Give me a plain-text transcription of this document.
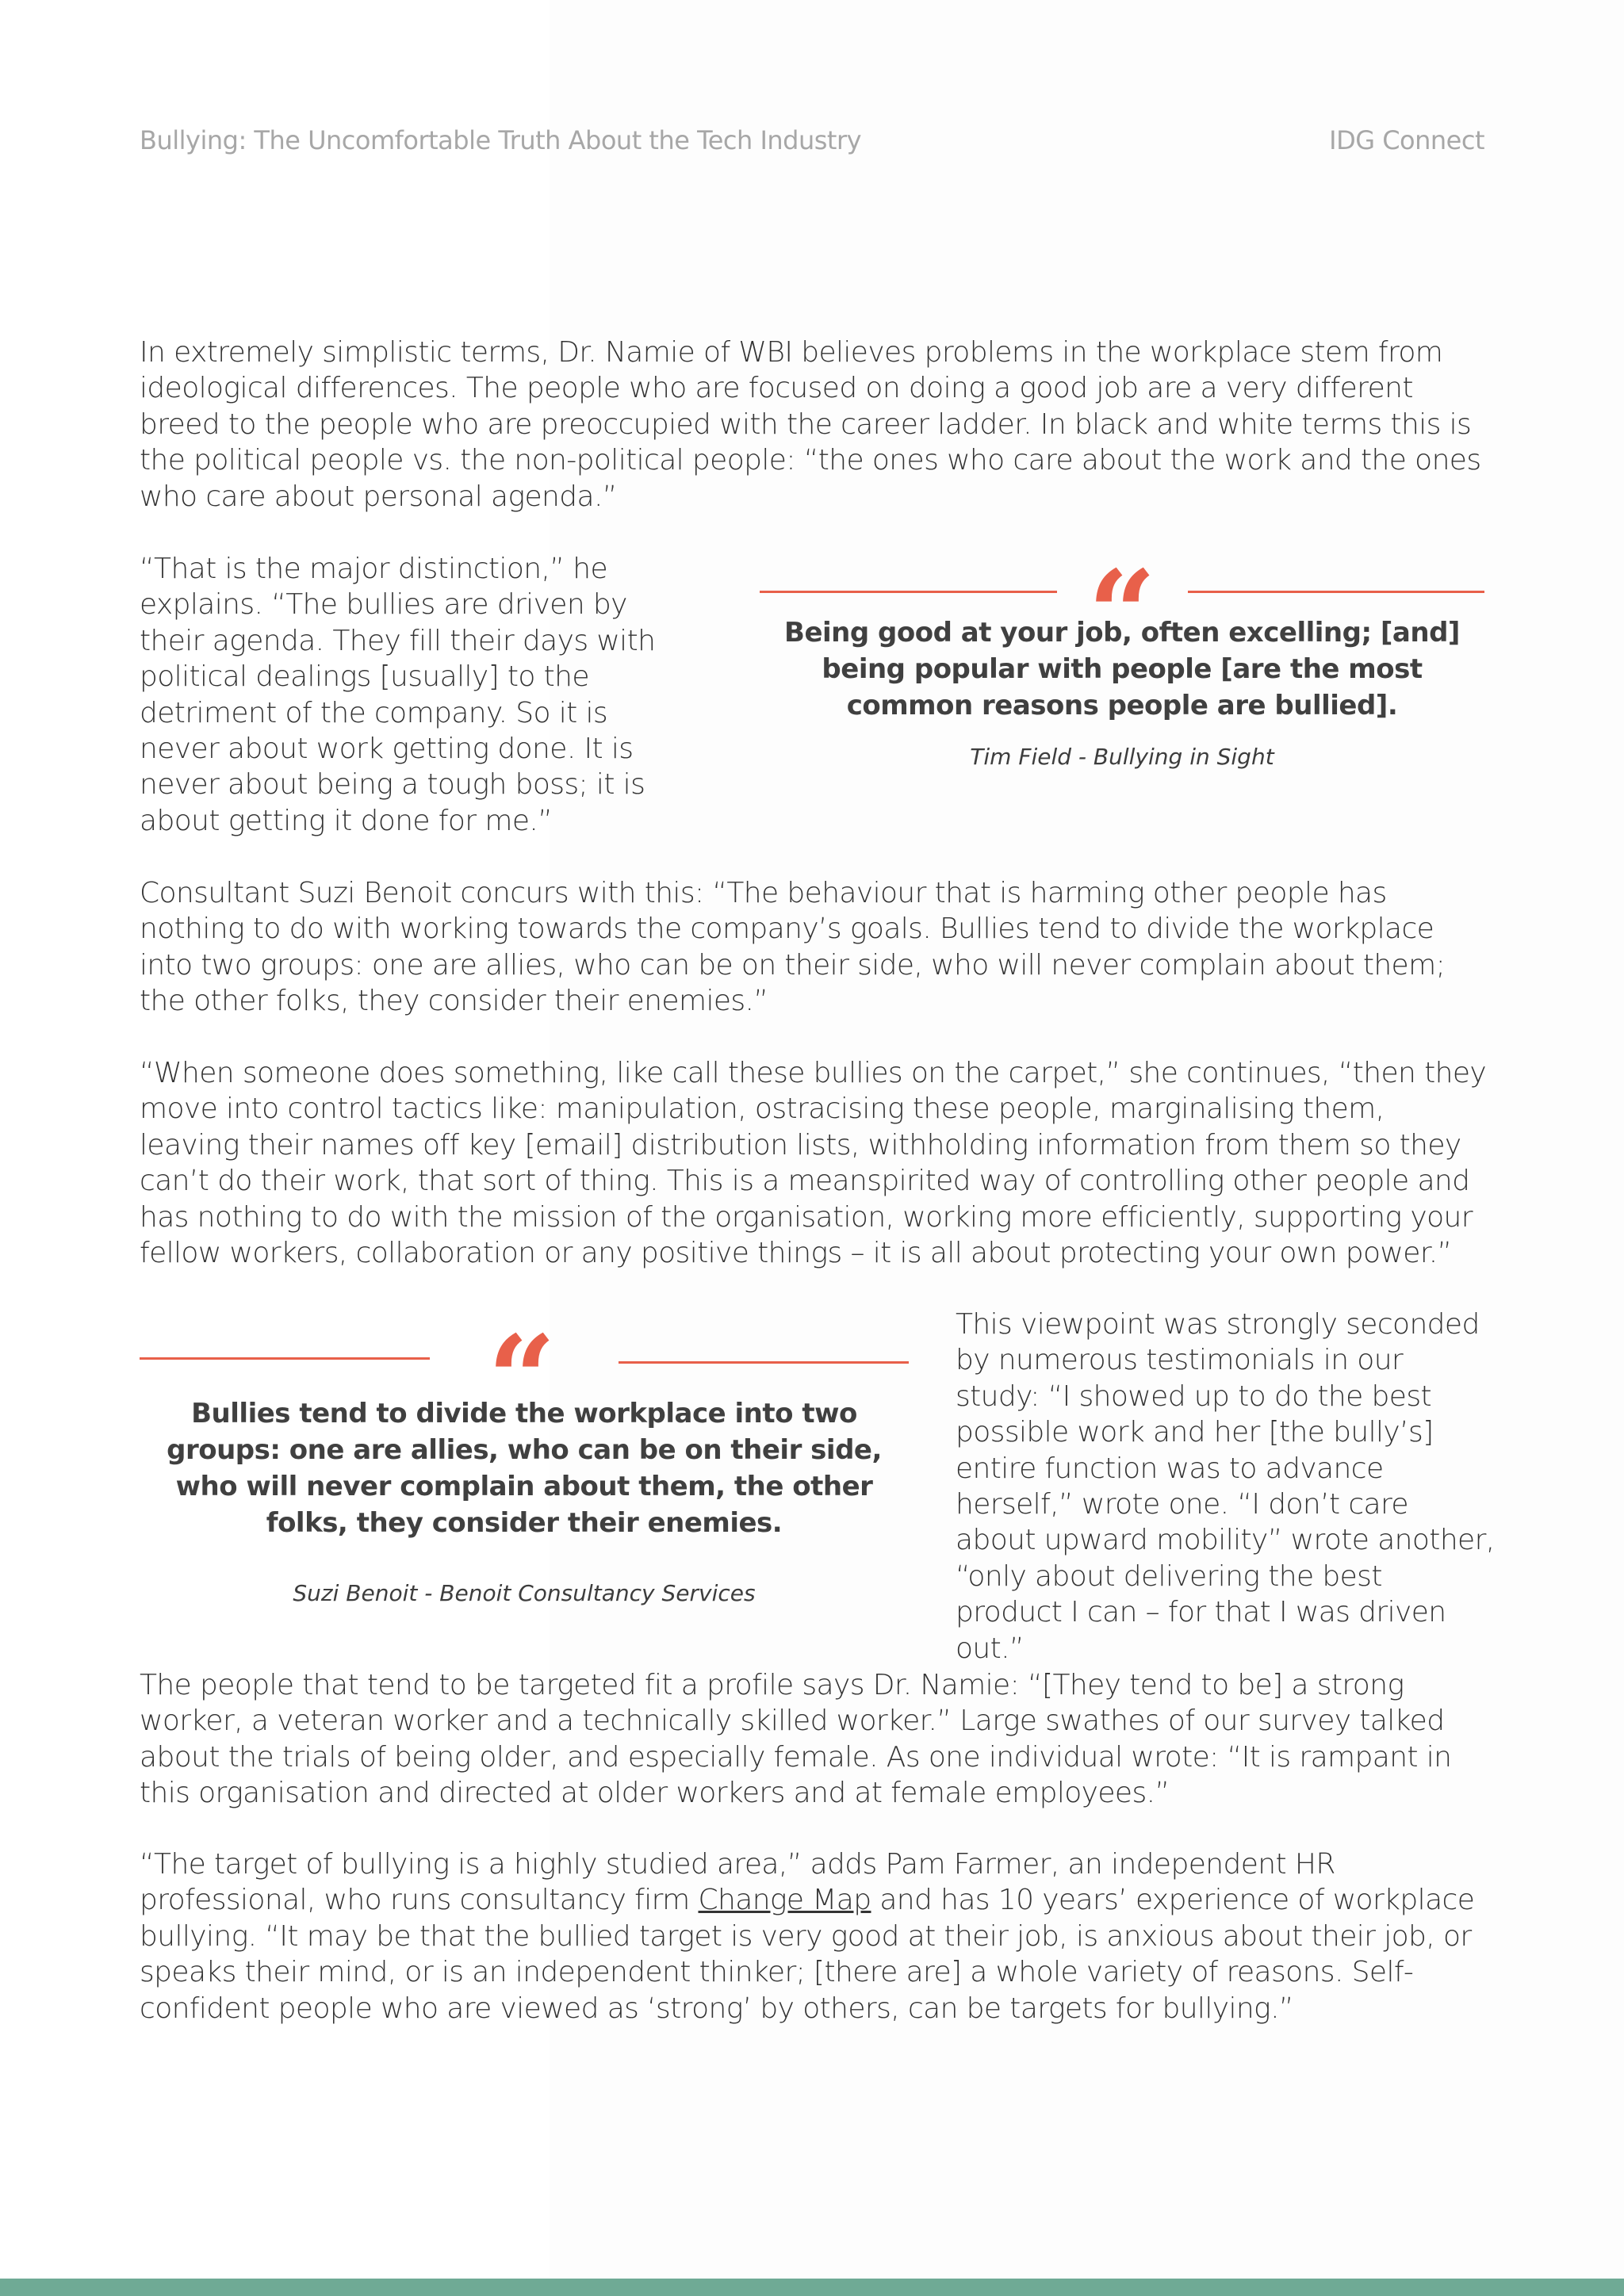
Bullying: The Uncomfortable Truth About the Tech Industry	IDG Connect

In extremely simplistic terms, Dr. Namie of WBI believes problems in the workplace stem from ideological differences. The people who are focused on doing a good job are a very different breed to the people who are preoccupied with the career ladder. In black and white terms this is the political people vs. the non-political people: “the ones who care about the work and the ones who care about personal agenda.”

“That is the major distinction,” he explains. “The bullies are driven by their agenda. They fill their days with political dealings [usually] to the detriment of the company. So it is never about work getting done. It is never about being a tough boss; it is about getting it done for me.”

“

Being good at your job, often excelling; [and] being popular with people [are the most common reasons people are bullied].

Tim Field - Bullying in Sight

Consultant Suzi Benoit concurs with this: “The behaviour that is harming other people has nothing to do with working towards the company’s goals. Bullies tend to divide the workplace into two groups: one are allies, who can be on their side, who will never complain about them; the other folks, they consider their enemies.”

“When someone does something, like call these bullies on the carpet,” she continues, “then they move into control tactics like: manipulation, ostracising these people, marginalising them, leaving their names off key [email] distribution lists, withholding information from them so they can’t do their work, that sort of thing. This is a meanspirited way of controlling other people and has nothing to do with the mission of the organisation, working more efficiently, supporting your fellow workers, collaboration or any positive things – it is all about protecting your own power.”

“

Bullies tend to divide the workplace into two groups: one are allies, who can be on their side, who will never complain about them, the other folks, they consider their enemies.

Suzi Benoit - Benoit Consultancy Services

This viewpoint was strongly seconded by numerous testimonials in our study: “I showed up to do the best possible work and her [the bully’s] entire function was to advance herself,” wrote one. “I don’t care about upward mobility” wrote another, “only about delivering the best product I can – for that I was driven out.”

The people that tend to be targeted fit a profile says Dr. Namie: “[They tend to be] a strong worker, a veteran worker and a technically skilled worker.” Large swathes of our survey talked about the trials of being older, and especially female. As one individual wrote: “It is rampant in this organisation and directed at older workers and at female employees.”

“The target of bullying is a highly studied area,” adds Pam Farmer, an independent HR professional, who runs consultancy firm Change Map and has 10 years’ experience of workplace bullying. “It may be that the bullied target is very good at their job, is anxious about their job, or speaks their mind, or is an independent thinker; [there are] a whole variety of reasons. Self-confident people who are viewed as ‘strong’ by others, can be targets for bullying.”
